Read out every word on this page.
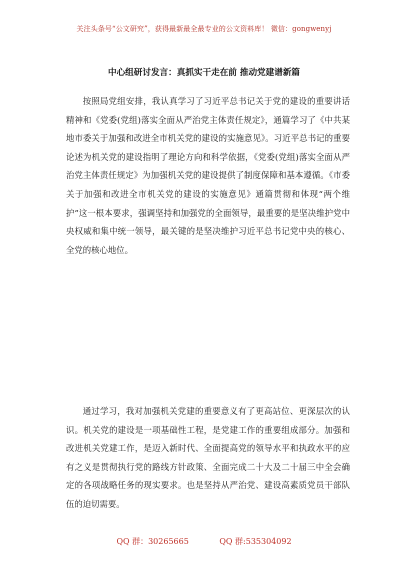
关注头条号“公文研究”，获得最新最全最专业的公文资料库！ 微信：gongwenyj
中心组研讨发言：真抓实干走在前 推动党建谱新篇

按照局党组安排，我认真学习了习近平总书记关于党的建设的重要讲话精神和《党委(党组)落实全面从严治党主体责任规定》，通篇学习了《中共某地市委关于加强和改进全市机关党的建设的实施意见》。习近平总书记的重要论述为机关党的建设指明了理论方向和科学依据，《党委(党组)落实全面从严治党主体责任规定》为加强机关党的建设提供了制度保障和基本遵循。《市委关于加强和改进全市机关党的建设的实施意见》通篇贯彻和体现“两个维护”这一根本要求，强调坚持和加强党的全面领导，最重要的是坚决维护党中央权威和集中统一领导，最关键的是坚决维护习近平总书记党中央的核心、全党的核心地位。

通过学习，我对加强机关党建的重要意义有了更高站位、更深层次的认识。机关党的建设是一项基础性工程，是党建工作的重要组成部分。加强和改进机关党建工作，是迈入新时代、全面提高党的领导水平和执政水平的应有之义是贯彻执行党的路线方针政策、全面完成二十大及二十届三中全会确定的各项战略任务的现实要求。也是坚持从严治党、建设高素质党员干部队伍的迫切需要。

QQ 群：30265665	QQ 群:535304092
